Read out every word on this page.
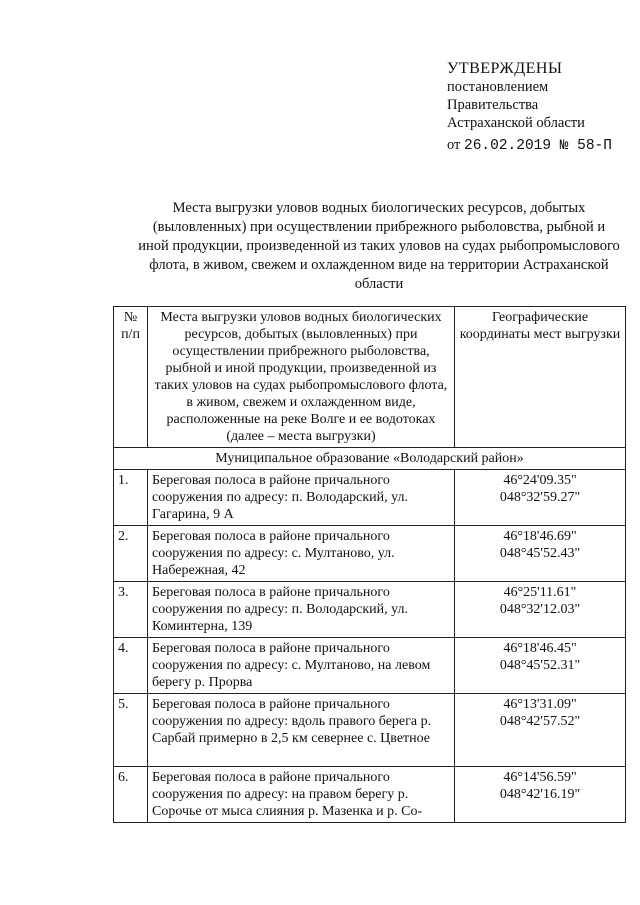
УТВЕРЖДЕНЫ
постановлением
Правительства
Астраханской области
от 26.02.2019 № 58-П
Места выгрузки уловов водных биологических ресурсов, добытых (выловленных) при осуществлении прибрежного рыболовства, рыбной и иной продукции, произведенной из таких уловов на судах рыбопромыслового флота, в живом, свежем и охлажденном виде на территории Астраханской области
№ п/п	Места выгрузки уловов водных биологических ресурсов, добытых (выловленных) при осуществлении прибрежного рыболовства, рыбной и иной продукции, произведенной из таких уловов на судах рыбопромыслового флота, в живом, свежем и охлажденном виде, расположенные на реке Волге и ее водотоках (далее – места выгрузки)	Географические координаты мест выгрузки
Муниципальное образование «Володарский район»		
1.	Береговая полоса в районе причального сооружения по адресу: п. Володарский, ул. Гагарина, 9 А	46°24'09.35"
048°32'59.27"

2.	Береговая полоса в районе причального сооружения по адресу: с. Мултаново, ул. Набережная, 42	46°18'46.69"
048°45'52.43"

3.	Береговая полоса в районе причального сооружения по адресу: п. Володарский, ул. Коминтерна, 139	46°25'11.61"
048°32'12.03"

4.	Береговая полоса в районе причального сооружения по адресу: с. Мултаново, на левом берегу р. Прорва	46°18'46.45"
048°45'52.31"

5.	Береговая полоса в районе причального сооружения по адресу: вдоль правого берега р. Сарбай примерно в 2,5 км севернее с. Цветное	46°13'31.09"
048°42'57.52"

6.	Береговая полоса в районе причального сооружения по адресу: на правом берегу р. Сорочье от мыса слияния р. Мазенка и р. Со-	46°14'56.59"
048°42'16.19"
